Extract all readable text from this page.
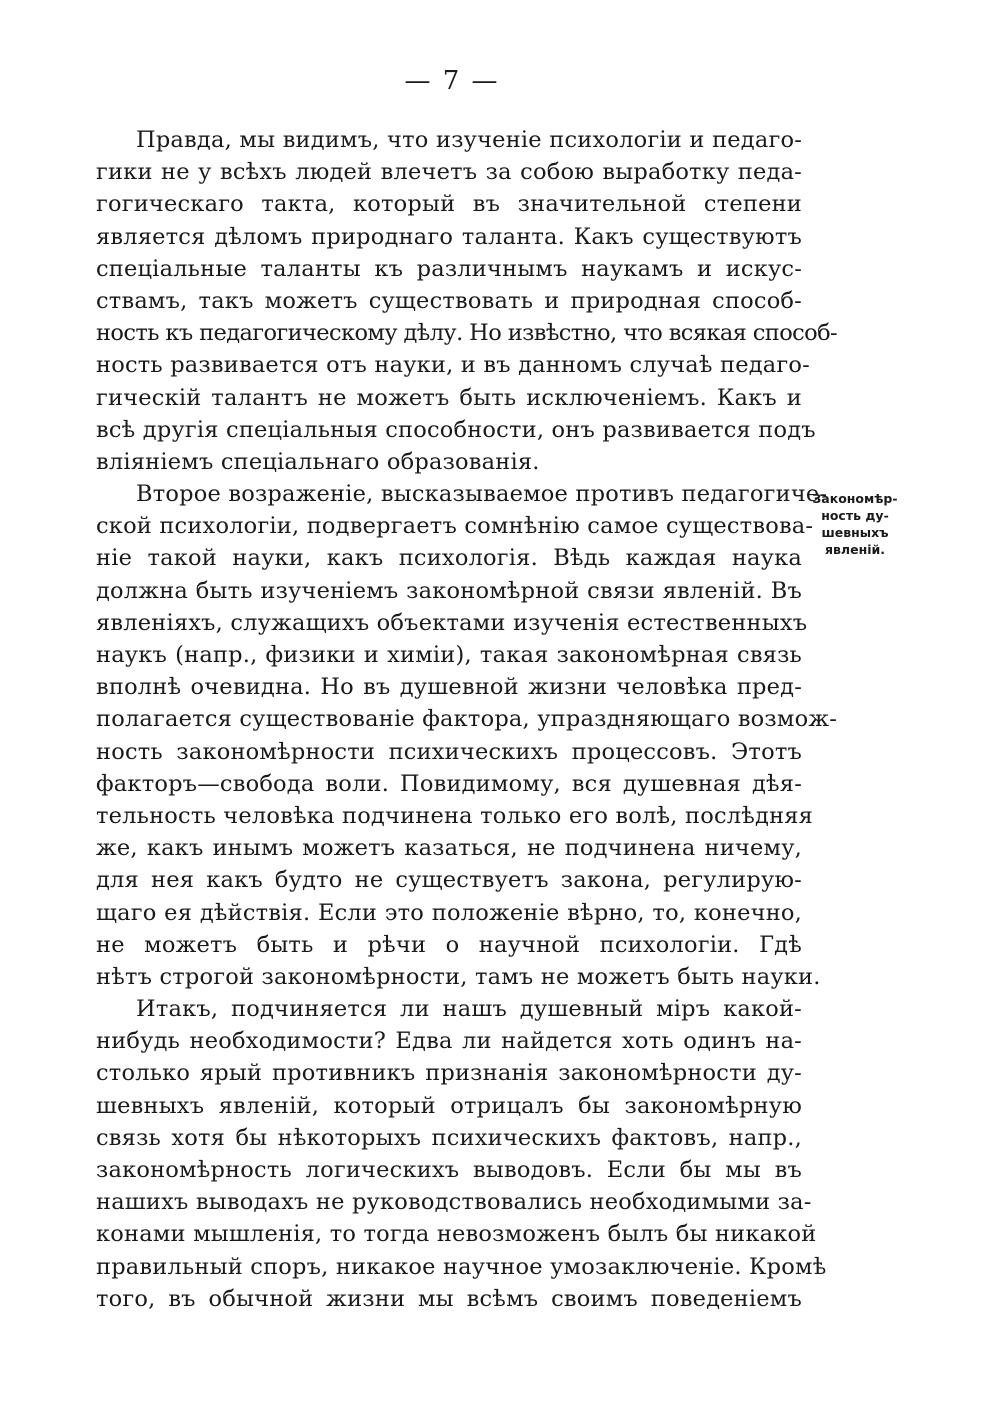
— 7 —
Правда, мы видимъ, что изученіе психологіи и педаго-
гики не у всѣхъ людей влечетъ за собою выработку педа-
гогическаго такта, который въ значительной степени
является дѣломъ природнаго таланта. Какъ существуютъ
спеціальные таланты къ различнымъ наукамъ и искус-
ствамъ, такъ можетъ существовать и природная способ-
ность къ педагогическому дѣлу. Но извѣстно, что всякая способ-
ность развивается отъ науки, и въ данномъ случаѣ педаго-
гическій талантъ не можетъ быть исключеніемъ. Какъ и
всѣ другія спеціальныя способности, онъ развивается подъ
вліяніемъ спеціальнаго образованія.
Второе возраженіе, высказываемое противъ педагогиче-
ской психологіи, подвергаетъ сомнѣнію самое существова-
ніе такой науки, какъ психологія. Вѣдь каждая наука
должна быть изученіемъ закономѣрной связи явленій. Въ
явленіяхъ, служащихъ объектами изученія естественныхъ
наукъ (напр., физики и химіи), такая закономѣрная связь
вполнѣ очевидна. Но въ душевной жизни человѣка пред-
полагается существованіе фактора, упраздняющаго возмож-
ность закономѣрности психическихъ процессовъ. Этотъ
факторъ—свобода воли. Повидимому, вся душевная дѣя-
тельность человѣка подчинена только его волѣ, послѣдняя
же, какъ инымъ можетъ казаться, не подчинена ничему,
для нея какъ будто не существуетъ закона, регулирую-
щаго ея дѣйствія. Если это положеніе вѣрно, то, конечно,
не можетъ быть и рѣчи о научной психологіи. Гдѣ
нѣтъ строгой закономѣрности, тамъ не можетъ быть науки.
Итакъ, подчиняется ли нашъ душевный міръ какой-
нибудь необходимости? Едва ли найдется хоть одинъ на-
столько ярый противникъ признанія закономѣрности ду-
шевныхъ явленій, который отрицалъ бы закономѣрную
связь хотя бы нѣкоторыхъ психическихъ фактовъ, напр.,
закономѣрность логическихъ выводовъ. Если бы мы въ
нашихъ выводахъ не руководствовались необходимыми за-
конами мышленія, то тогда невозможенъ былъ бы никакой
правильный споръ, никакое научное умозаключеніе. Кромѣ
того, въ обычной жизни мы всѣмъ своимъ поведеніемъ
Закономѣр-
ность ду-
шевныхъ
явленій.
